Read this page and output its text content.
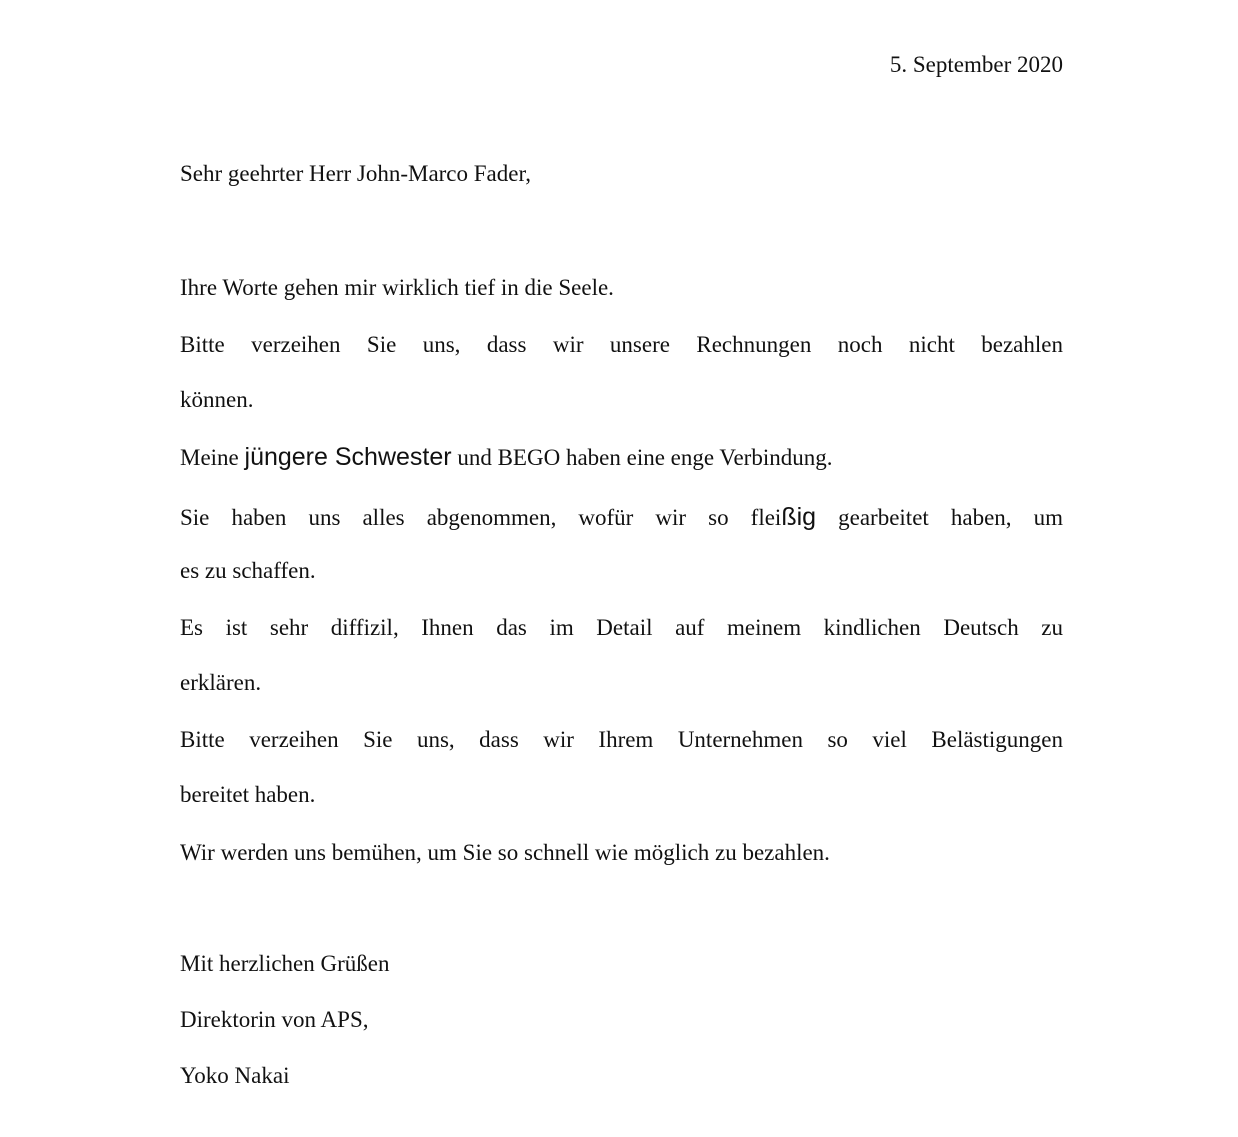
5. September 2020
Sehr geehrter Herr John-Marco Fader,
Ihre Worte gehen mir wirklich tief in die Seele.
Bitte verzeihen Sie uns, dass wir unsere Rechnungen noch nicht bezahlen
können.
Meine jüngere Schwester und BEGO haben eine enge Verbindung.
Sie haben uns alles abgenommen, wofür wir so fleißig gearbeitet haben, um
es zu schaffen.
Es ist sehr diffizil, Ihnen das im Detail auf meinem kindlichen Deutsch zu
erklären.
Bitte verzeihen Sie uns, dass wir Ihrem Unternehmen so viel Belästigungen
bereitet haben.
Wir werden uns bemühen, um Sie so schnell wie möglich zu bezahlen.
Mit herzlichen Grüßen
Direktorin von APS,
Yoko Nakai
